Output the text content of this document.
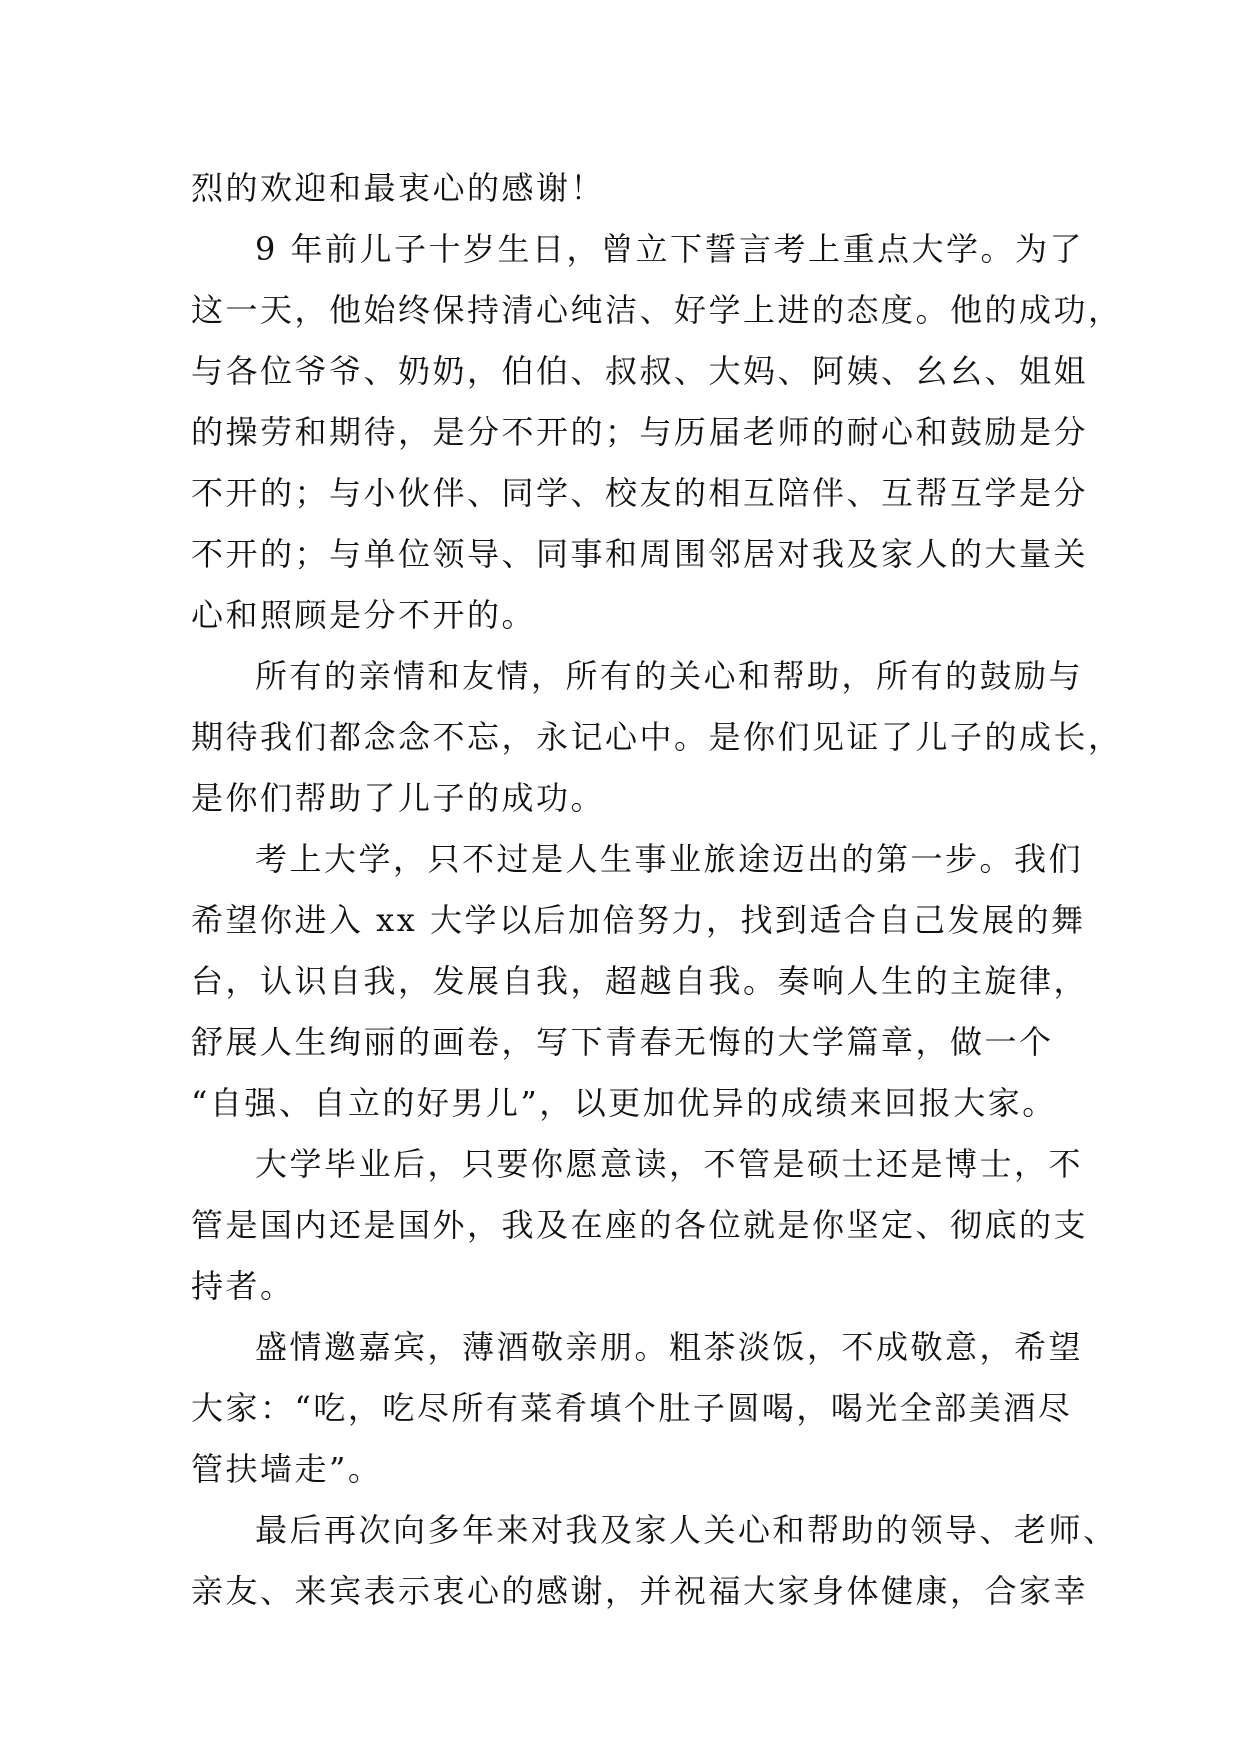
烈的欢迎和最衷心的感谢！
9 年前儿子十岁生日，曾立下誓言考上重点大学。为了
这一天，他始终保持清心纯洁、好学上进的态度。他的成功，
与各位爷爷、奶奶，伯伯、叔叔、大妈、阿姨、幺幺、姐姐
的操劳和期待，是分不开的；与历届老师的耐心和鼓励是分
不开的；与小伙伴、同学、校友的相互陪伴、互帮互学是分
不开的；与单位领导、同事和周围邻居对我及家人的大量关
心和照顾是分不开的。
所有的亲情和友情，所有的关心和帮助，所有的鼓励与
期待我们都念念不忘，永记心中。是你们见证了儿子的成长，
是你们帮助了儿子的成功。
考上大学，只不过是人生事业旅途迈出的第一步。我们
希望你进入 xx 大学以后加倍努力，找到适合自己发展的舞
台，认识自我，发展自我，超越自我。奏响人生的主旋律，
舒展人生绚丽的画卷，写下青春无悔的大学篇章，做一个
“自强、自立的好男儿”，以更加优异的成绩来回报大家。
大学毕业后，只要你愿意读，不管是硕士还是博士，不
管是国内还是国外，我及在座的各位就是你坚定、彻底的支
持者。
盛情邀嘉宾，薄酒敬亲朋。粗茶淡饭，不成敬意，希望
大家：“吃，吃尽所有菜肴填个肚子圆喝，喝光全部美酒尽
管扶墙走”。
最后再次向多年来对我及家人关心和帮助的领导、老师、
亲友、来宾表示衷心的感谢，并祝福大家身体健康，合家幸
